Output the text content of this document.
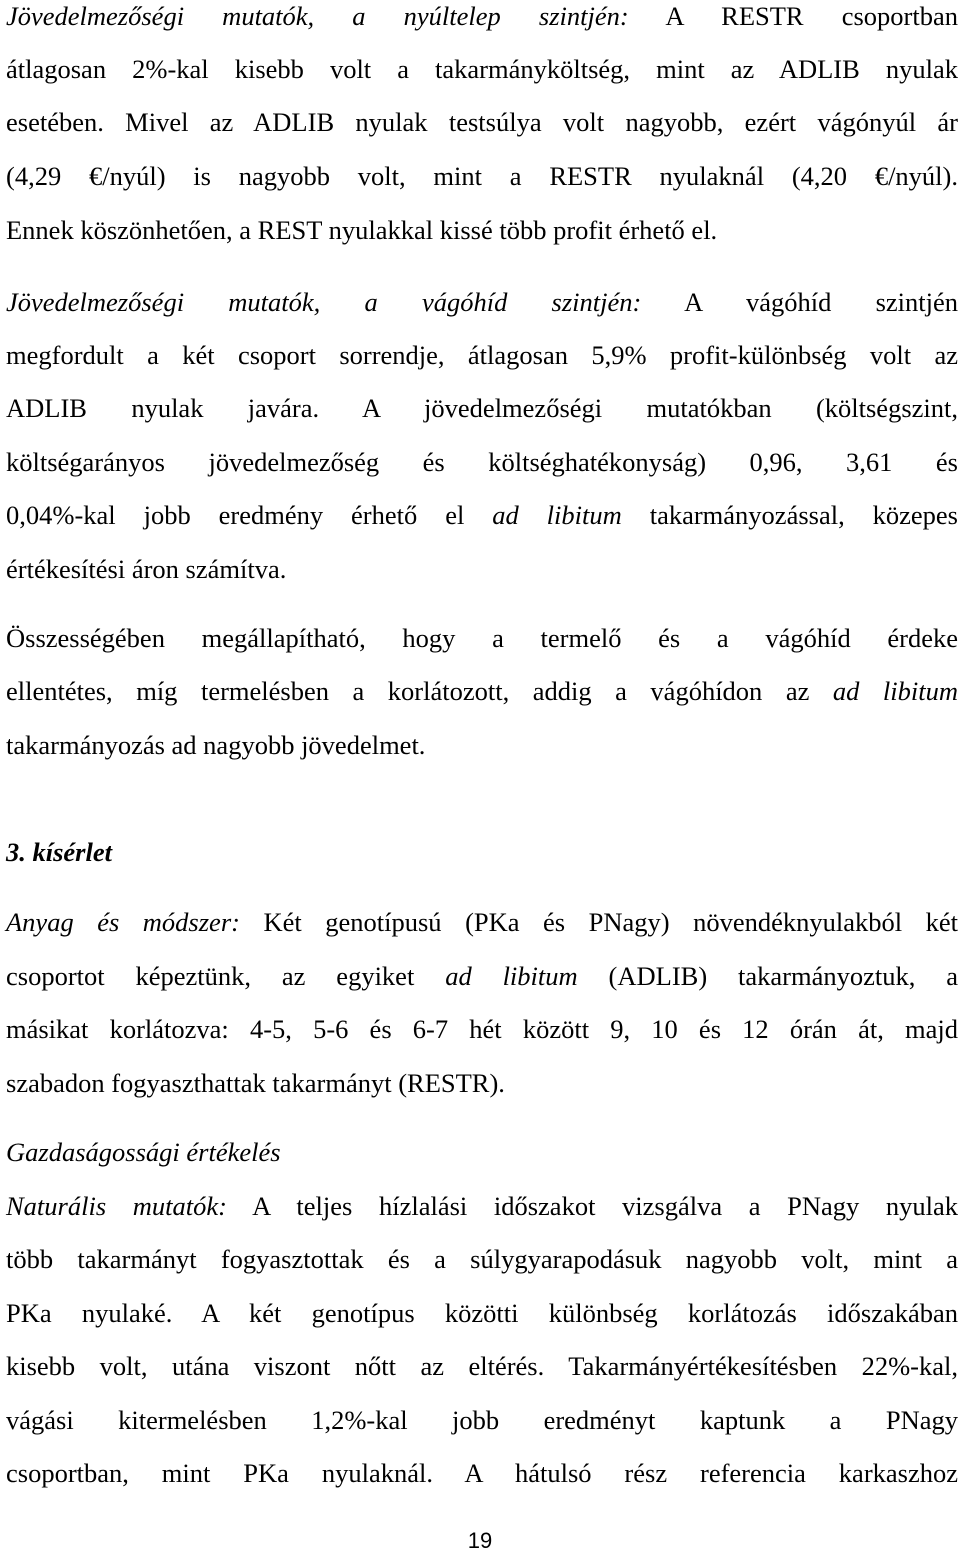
Jövedelmezőségi mutatók, a nyúltelep szintjén: A RESTR csoportban
átlagosan 2%-kal kisebb volt a takarmányköltség, mint az ADLIB nyulak
esetében. Mivel az ADLIB nyulak testsúlya volt nagyobb, ezért vágónyúl ár
(4,29 €/nyúl) is nagyobb volt, mint a RESTR nyulaknál (4,20 €/nyúl).
Ennek köszönhetően, a REST nyulakkal kissé több profit érhető el.
Jövedelmezőségi mutatók, a vágóhíd szintjén: A vágóhíd szintjén
megfordult a két csoport sorrendje, átlagosan 5,9% profit-különbség volt az
ADLIB nyulak javára. A jövedelmezőségi mutatókban (költségszint,
költségarányos jövedelmezőség és költséghatékonyság) 0,96, 3,61 és
0,04%-kal jobb eredmény érhető el ad libitum takarmányozással, közepes
értékesítési áron számítva.
Összességében megállapítható, hogy a termelő és a vágóhíd érdeke
ellentétes, míg termelésben a korlátozott, addig a vágóhídon az ad libitum
takarmányozás ad nagyobb jövedelmet.
3. kísérlet
Anyag és módszer: Két genotípusú (PKa és PNagy) növendéknyulakból két
csoportot képeztünk, az egyiket ad libitum (ADLIB) takarmányoztuk, a
másikat korlátozva: 4-5, 5-6 és 6-7 hét között 9, 10 és 12 órán át, majd
szabadon fogyaszthattak takarmányt (RESTR).
Gazdaságossági értékelés
Naturális mutatók: A teljes hízlalási időszakot vizsgálva a PNagy nyulak
több takarmányt fogyasztottak és a súlygyarapodásuk nagyobb volt, mint a
PKa nyulaké. A két genotípus közötti különbség korlátozás időszakában
kisebb volt, utána viszont nőtt az eltérés. Takarmányértékesítésben 22%-kal,
vágási kitermelésben 1,2%-kal jobb eredményt kaptunk a PNagy
csoportban, mint PKa nyulaknál. A hátulsó rész referencia karkaszhoz
19
